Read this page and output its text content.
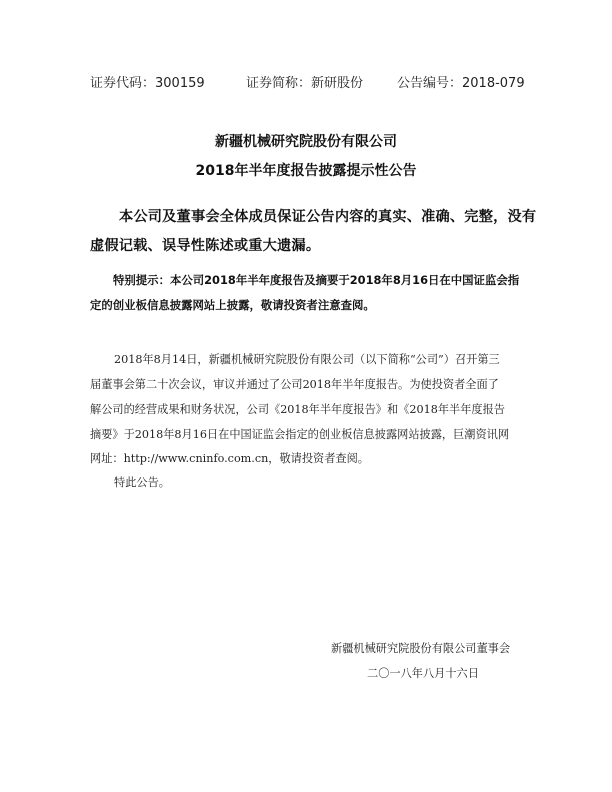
证券代码：300159	证券简称：新研股份	公告编号：2018-079
新疆机械研究院股份有限公司
2018年半年度报告披露提示性公告
本公司及董事会全体成员保证公告内容的真实、准确、完整，没有
虚假记载、误导性陈述或重大遗漏。
特别提示：本公司2018年半年度报告及摘要于2018年8月16日在中国证监会指
定的创业板信息披露网站上披露，敬请投资者注意查阅。
2018年8月14日，新疆机械研究院股份有限公司（以下简称“公司”）召开第三
届董事会第二十次会议，审议并通过了公司2018年半年度报告。为使投资者全面了
解公司的经营成果和财务状况，公司《2018年半年度报告》和《2018年半年度报告
摘要》于2018年8月16日在中国证监会指定的创业板信息披露网站披露，巨潮资讯网
网址：http://www.cninfo.com.cn，敬请投资者查阅。
特此公告。
新疆机械研究院股份有限公司董事会
二〇一八年八月十六日
